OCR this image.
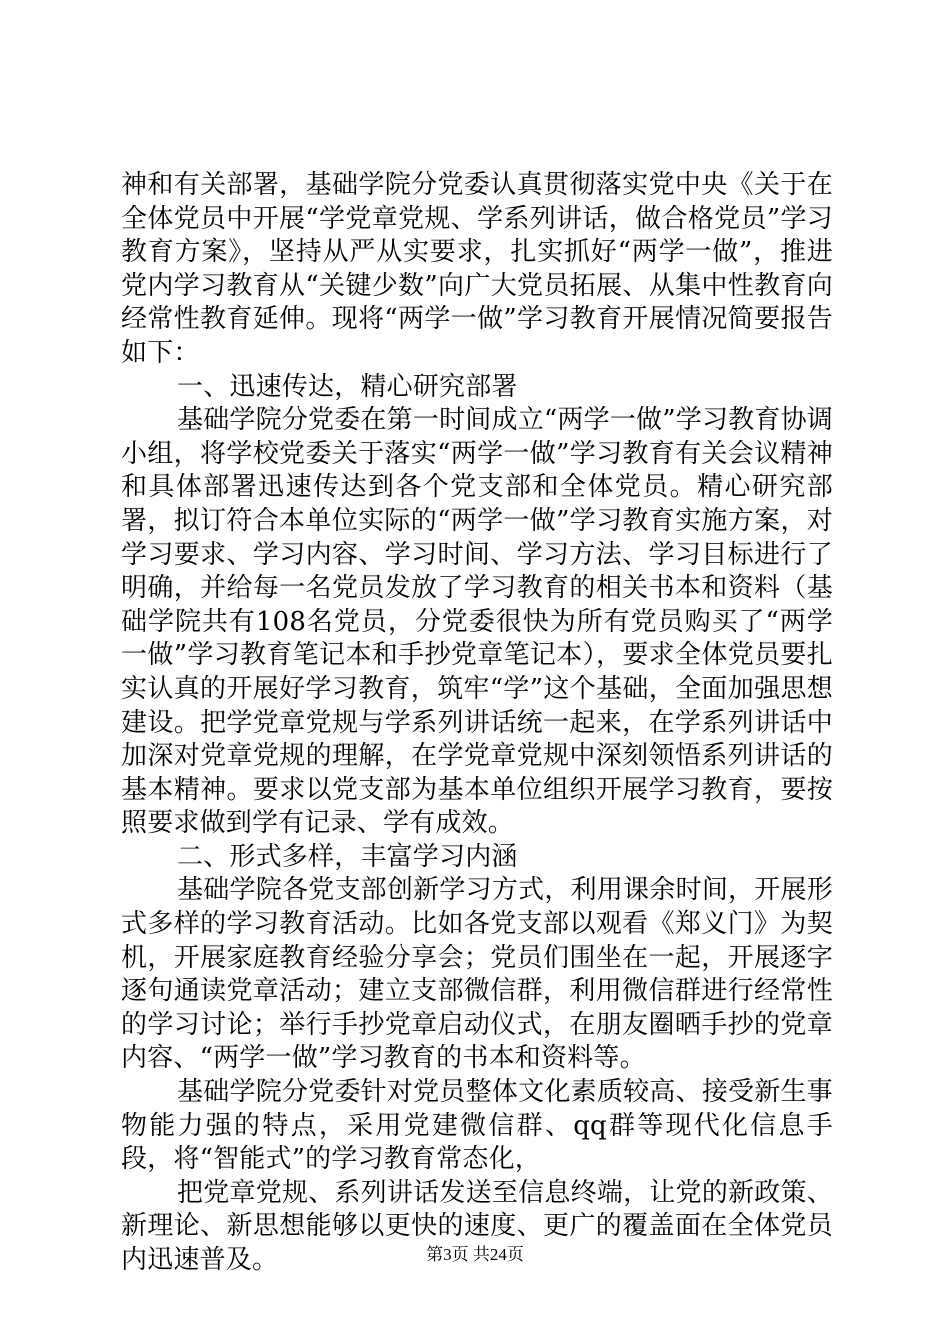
神和有关部署，基础学院分党委认真贯彻落实党中央《关于在全体党员中开展“学党章党规、学系列讲话，做合格党员”学习教育方案》，坚持从严从实要求，扎实抓好“两学一做”，推进党内学习教育从“关键少数”向广大党员拓展、从集中性教育向经常性教育延伸。现将“两学一做”学习教育开展情况简要报告如下：

一、迅速传达，精心研究部署

基础学院分党委在第一时间成立“两学一做”学习教育协调小组，将学校党委关于落实“两学一做”学习教育有关会议精神和具体部署迅速传达到各个党支部和全体党员。精心研究部署，拟订符合本单位实际的“两学一做”学习教育实施方案，对学习要求、学习内容、学习时间、学习方法、学习目标进行了明确，并给每一名党员发放了学习教育的相关书本和资料（基础学院共有108名党员，分党委很快为所有党员购买了“两学一做”学习教育笔记本和手抄党章笔记本），要求全体党员要扎实认真的开展好学习教育，筑牢“学”这个基础，全面加强思想建设。把学党章党规与学系列讲话统一起来，在学系列讲话中加深对党章党规的理解，在学党章党规中深刻领悟系列讲话的基本精神。要求以党支部为基本单位组织开展学习教育，要按照要求做到学有记录、学有成效。

二、形式多样，丰富学习内涵

基础学院各党支部创新学习方式，利用课余时间，开展形式多样的学习教育活动。比如各党支部以观看《郑义门》为契机，开展家庭教育经验分享会；党员们围坐在一起，开展逐字逐句通读党章活动；建立支部微信群，利用微信群进行经常性的学习讨论；举行手抄党章启动仪式，在朋友圈晒手抄的党章内容、“两学一做”学习教育的书本和资料等。

基础学院分党委针对党员整体文化素质较高、接受新生事物能力强的特点，采用党建微信群、qq群等现代化信息手段，将“智能式”的学习教育常态化，

把党章党规、系列讲话发送至信息终端，让党的新政策、新理论、新思想能够以更快的速度、更广的覆盖面在全体党员内迅速普及。	第3页 共24页
